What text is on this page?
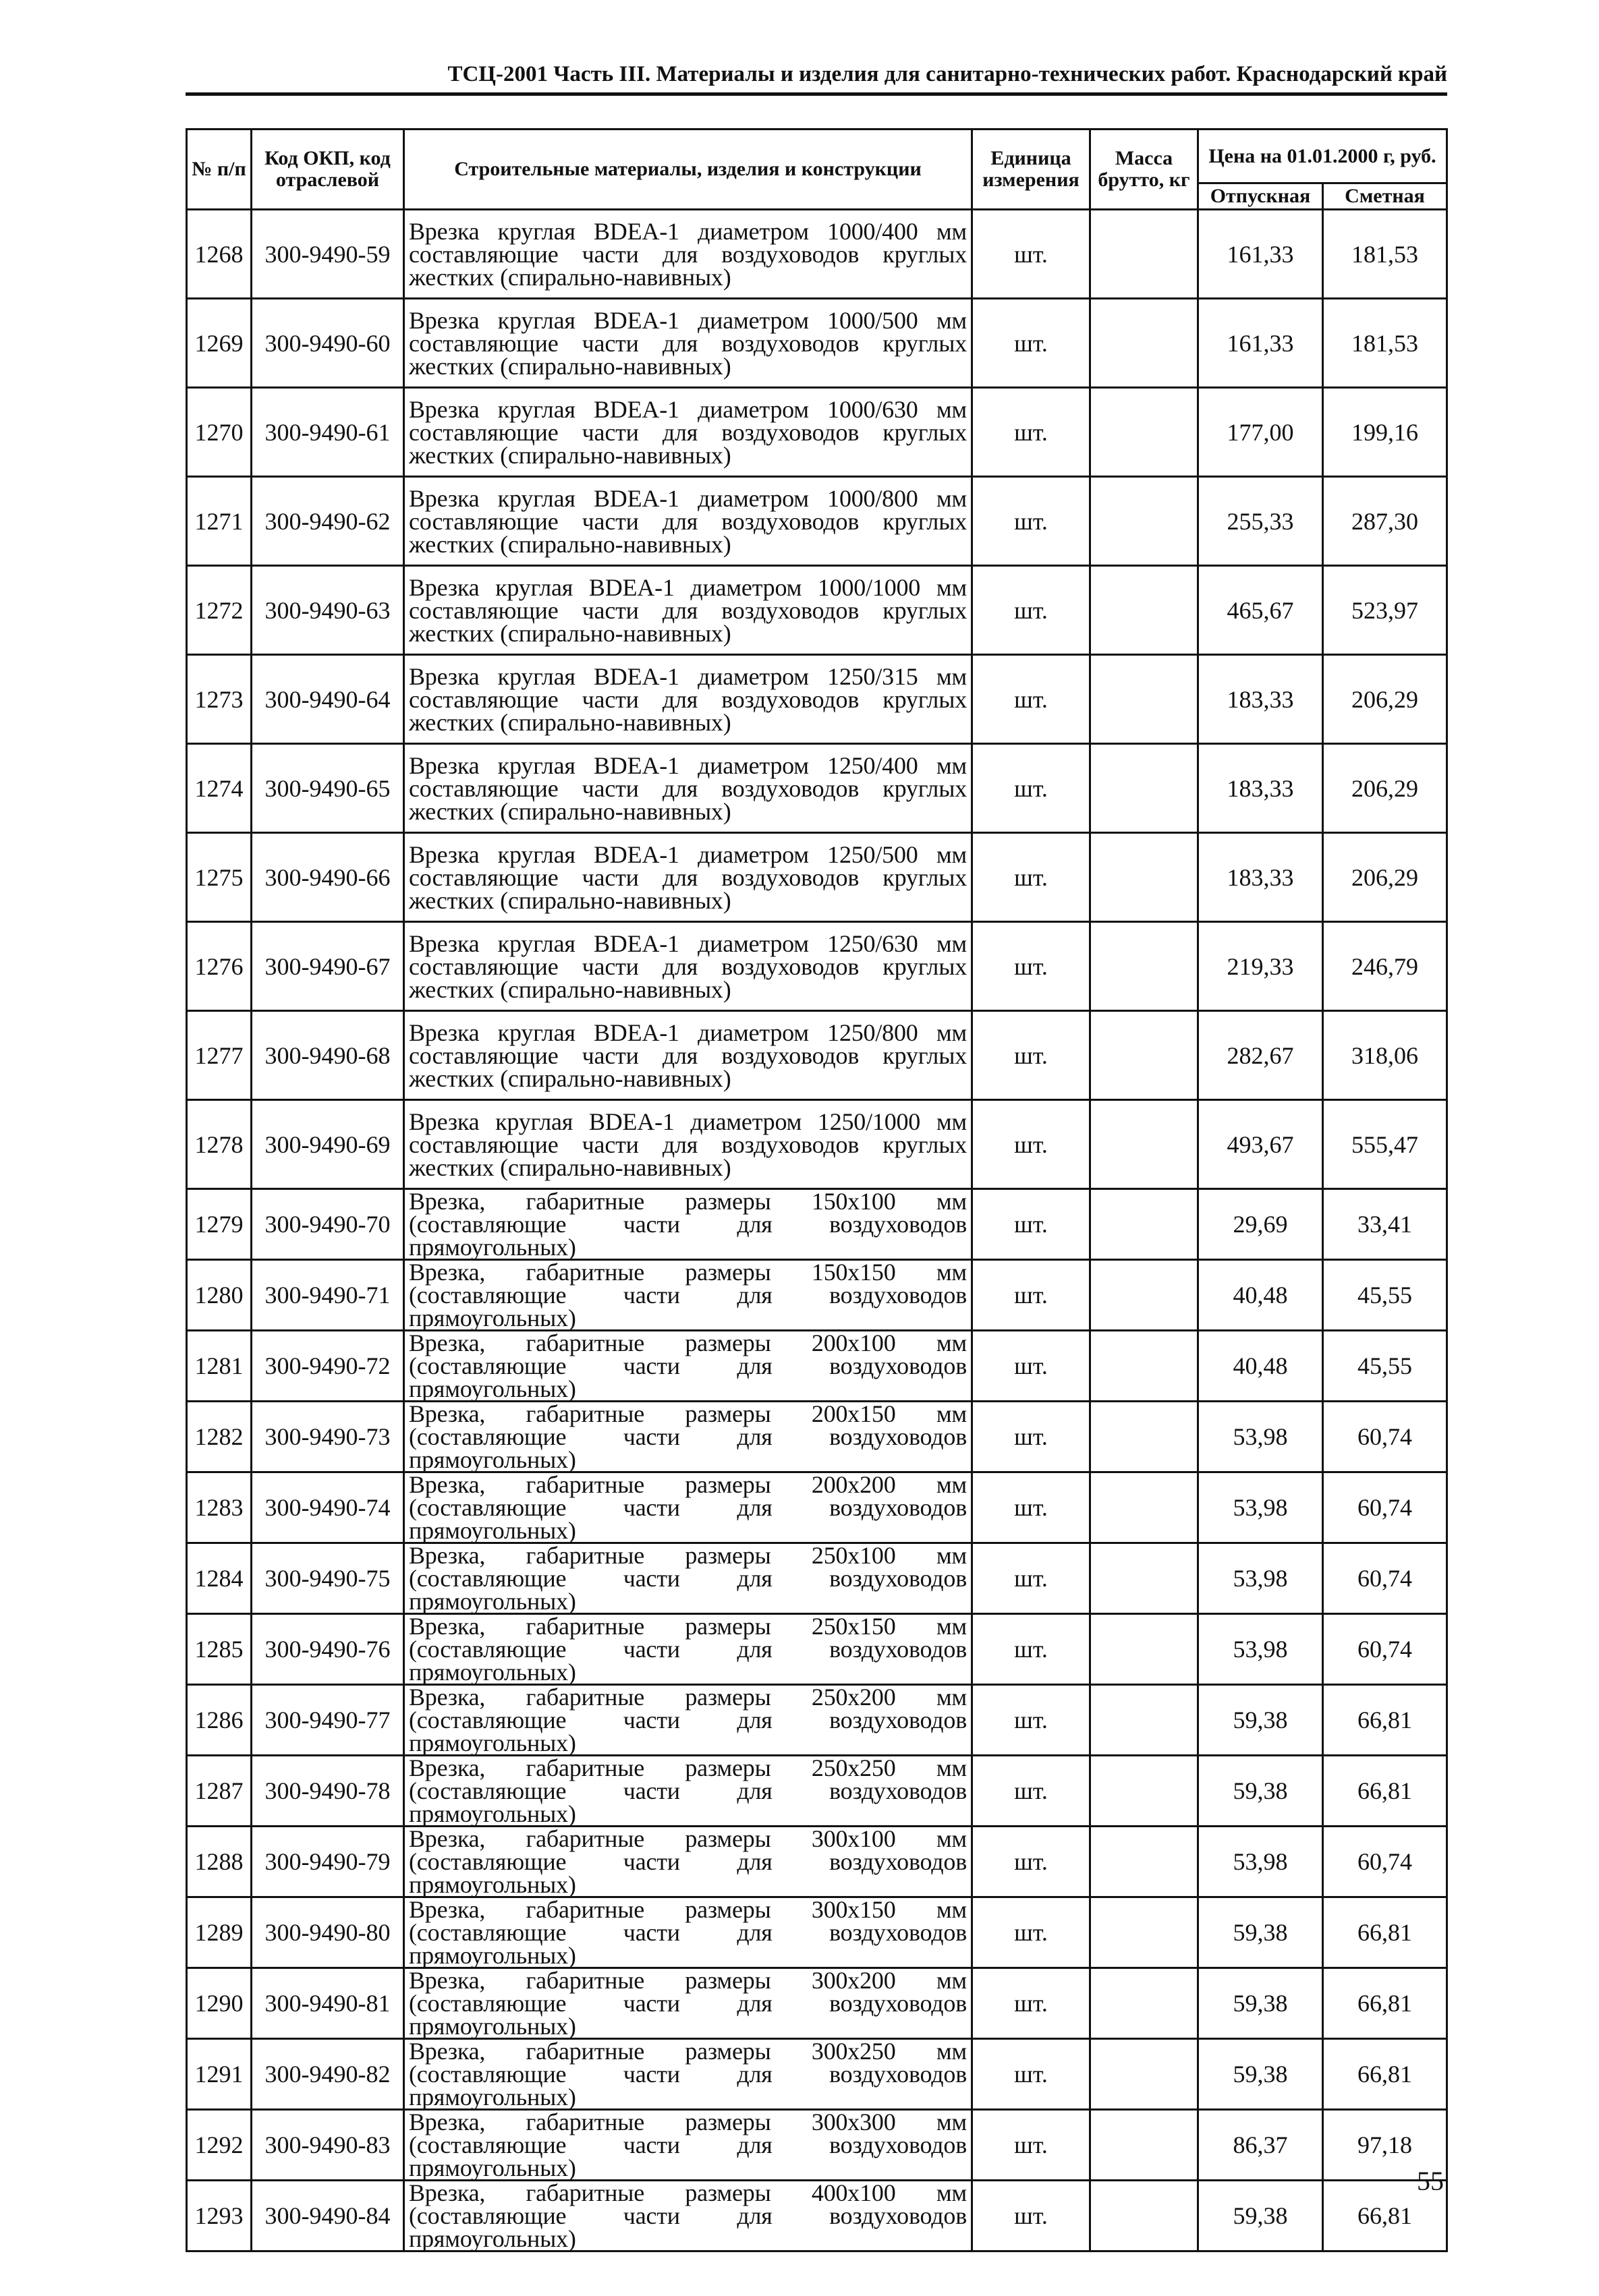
ТСЦ-2001 Часть III. Материалы и изделия для санитарно-технических работ. Краснодарский край
№ п/п	Код ОКП, код отраслевой	Строительные материалы, изделия и конструкции	Единица измерения	Масса брутто, кг	Цена на 01.01.2000 г, руб.	
					Отпускная	Сметная
1268	300-9490-59	Врезка круглая BDEA-1 диаметром 1000/400 мм составляющие части для воздуховодов круглых жестких (спирально-навивных)	шт.		161,33	181,53
1269	300-9490-60	Врезка круглая BDEA-1 диаметром 1000/500 мм составляющие части для воздуховодов круглых жестких (спирально-навивных)	шт.		161,33	181,53
1270	300-9490-61	Врезка круглая BDEA-1 диаметром 1000/630 мм составляющие части для воздуховодов круглых жестких (спирально-навивных)	шт.		177,00	199,16
1271	300-9490-62	Врезка круглая BDEA-1 диаметром 1000/800 мм составляющие части для воздуховодов круглых жестких (спирально-навивных)	шт.		255,33	287,30
1272	300-9490-63	Врезка круглая BDEA-1 диаметром 1000/1000 мм составляющие части для воздуховодов круглых жестких (спирально-навивных)	шт.		465,67	523,97
1273	300-9490-64	Врезка круглая BDEA-1 диаметром 1250/315 мм составляющие части для воздуховодов круглых жестких (спирально-навивных)	шт.		183,33	206,29
1274	300-9490-65	Врезка круглая BDEA-1 диаметром 1250/400 мм составляющие части для воздуховодов круглых жестких (спирально-навивных)	шт.		183,33	206,29
1275	300-9490-66	Врезка круглая BDEA-1 диаметром 1250/500 мм составляющие части для воздуховодов круглых жестких (спирально-навивных)	шт.		183,33	206,29
1276	300-9490-67	Врезка круглая BDEA-1 диаметром 1250/630 мм составляющие части для воздуховодов круглых жестких (спирально-навивных)	шт.		219,33	246,79
1277	300-9490-68	Врезка круглая BDEA-1 диаметром 1250/800 мм составляющие части для воздуховодов круглых жестких (спирально-навивных)	шт.		282,67	318,06
1278	300-9490-69	Врезка круглая BDEA-1 диаметром 1250/1000 мм составляющие части для воздуховодов круглых жестких (спирально-навивных)	шт.		493,67	555,47
1279	300-9490-70	Врезка, габаритные размеры 150x100 мм (составляющие части для воздуховодов прямоугольных)	шт.		29,69	33,41
1280	300-9490-71	Врезка, габаритные размеры 150x150 мм (составляющие части для воздуховодов прямоугольных)	шт.		40,48	45,55
1281	300-9490-72	Врезка, габаритные размеры 200x100 мм (составляющие части для воздуховодов прямоугольных)	шт.		40,48	45,55
1282	300-9490-73	Врезка, габаритные размеры 200x150 мм (составляющие части для воздуховодов прямоугольных)	шт.		53,98	60,74
1283	300-9490-74	Врезка, габаритные размеры 200x200 мм (составляющие части для воздуховодов прямоугольных)	шт.		53,98	60,74
1284	300-9490-75	Врезка, габаритные размеры 250x100 мм (составляющие части для воздуховодов прямоугольных)	шт.		53,98	60,74
1285	300-9490-76	Врезка, габаритные размеры 250x150 мм (составляющие части для воздуховодов прямоугольных)	шт.		53,98	60,74
1286	300-9490-77	Врезка, габаритные размеры 250x200 мм (составляющие части для воздуховодов прямоугольных)	шт.		59,38	66,81
1287	300-9490-78	Врезка, габаритные размеры 250x250 мм (составляющие части для воздуховодов прямоугольных)	шт.		59,38	66,81
1288	300-9490-79	Врезка, габаритные размеры 300x100 мм (составляющие части для воздуховодов прямоугольных)	шт.		53,98	60,74
1289	300-9490-80	Врезка, габаритные размеры 300x150 мм (составляющие части для воздуховодов прямоугольных)	шт.		59,38	66,81
1290	300-9490-81	Врезка, габаритные размеры 300x200 мм (составляющие части для воздуховодов прямоугольных)	шт.		59,38	66,81
1291	300-9490-82	Врезка, габаритные размеры 300x250 мм (составляющие части для воздуховодов прямоугольных)	шт.		59,38	66,81
1292	300-9490-83	Врезка, габаритные размеры 300x300 мм (составляющие части для воздуховодов прямоугольных)	шт.		86,37	97,18
1293	300-9490-84	Врезка, габаритные размеры 400x100 мм (составляющие части для воздуховодов прямоугольных)	шт.		59,38	66,81
55
